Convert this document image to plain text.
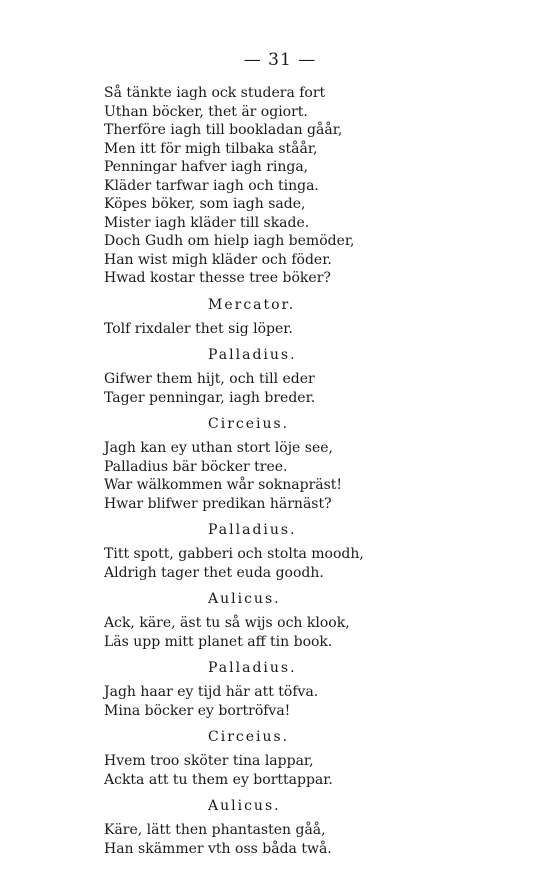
— 31 —
Så tänkte iagh ock studera fort
Uthan böcker, thet är ogiort.
Therföre iagh till bookladan gåår,
Men itt för migh tilbaka ståår,
Penningar hafver iagh ringa,
Kläder tarfwar iagh och tinga.
Köpes böker, som iagh sade,
Mister iagh kläder till skade.
Doch Gudh om hielp iagh bemöder,
Han wist migh kläder och föder.
Hwad kostar thesse tree böker?
Mercator.
Tolf rixdaler thet sig löper.
Palladius.
Gifwer them hijt, och till eder
Tager penningar, iagh breder.
Circeius.
Jagh kan ey uthan stort löje see,
Palladius bär böcker tree.
War wälkommen wår soknapräst!
Hwar blifwer predikan härnäst?
Palladius.
Titt spott, gabberi och stolta moodh,
Aldrigh tager thet euda goodh.
Aulicus.
Ack, käre, äst tu så wijs och klook,
Läs upp mitt planet aff tin book.
Palladius.
Jagh haar ey tijd här att töfva.
Mina böcker ey bortröfva!
Circeius.
Hvem troo sköter tina lappar,
Ackta att tu them ey borttappar.
Aulicus.
Käre, lätt then phantasten gåå,
Han skämmer vth oss båda twå.
